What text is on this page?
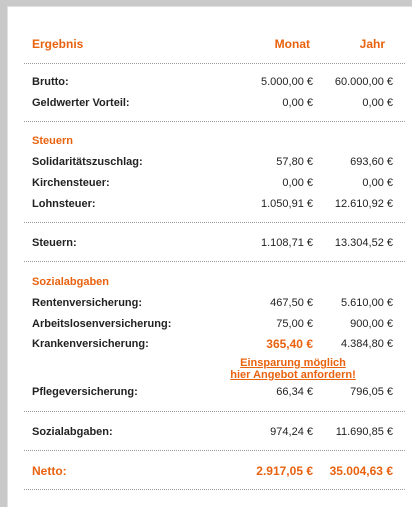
Ergebnis	Monat	Jahr
Brutto:	5.000,00 € 60.000,00 €
Geldwerter Vorteil:	0,00 €	0,00 €
Steuern
Solidaritätszuschlag:	57,80 €	693,60 €
Kirchensteuer:	0,00 €	0,00 €
Lohnsteuer:	1.050,91 € 12.610,92 €
Steuern:	1.108,71 € 13.304,52 €
Sozialabgaben
Rentenversicherung:	467,50 €	5.610,00 €
Arbeitslosenversicherung:	75,00 €	900,00 €
Krankenversicherung:	365,40 €	4.384,80 €
Einsparung möglich
hier Angebot anfordern!
Pflegeversicherung:	66,34 €	796,05 €
Sozialabgaben:	974,24 € 11.690,85 €
Netto:	2.917,05 € 35.004,63 €
